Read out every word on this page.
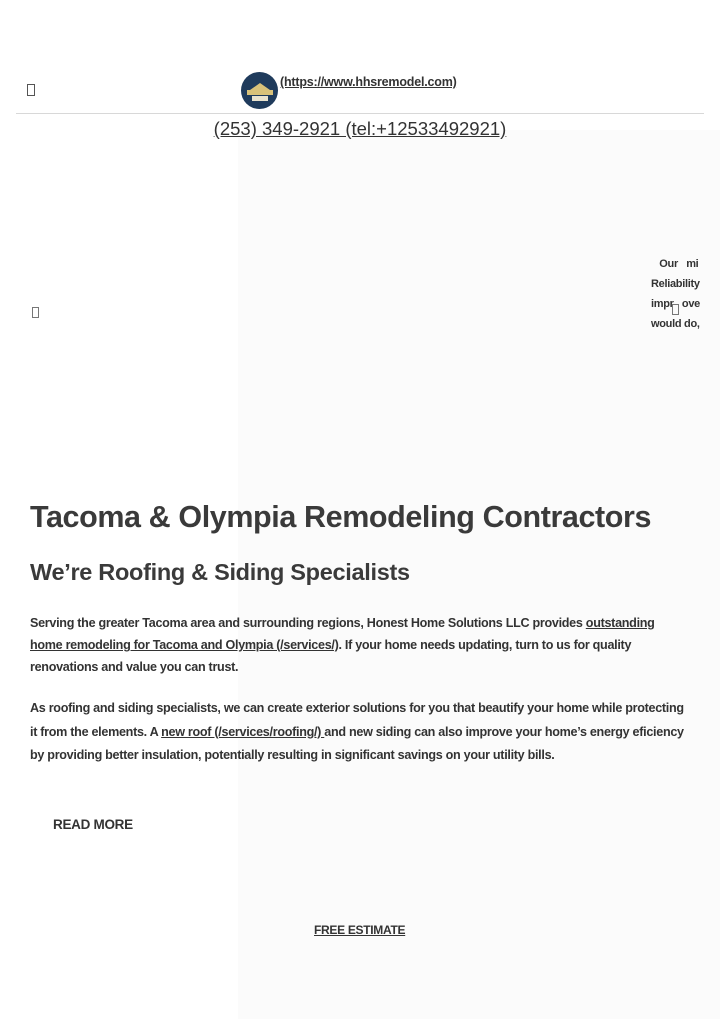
(https://www.hhsremodel.com)
(253) 349-2921 (tel:+12533492921)
Our   mi
Reliability
impr   ove
would do,
Tacoma & Olympia Remodeling Contractors
We’re Roofing & Siding Specialists

Serving the greater Tacoma area and surrounding regions, Honest Home Solutions LLC provides outstanding home remodeling for Tacoma and Olympia (/services/). If your home needs updating, turn to us for quality renovations and value you can trust.

As roofing and siding specialists, we can create exterior solutions for you that beautify your home while protecting it from the elements. A new roof (/services/roofing/) and new siding can also improve your home’s energy eficiency by providing better insulation, potentially resulting in significant savings on your utility bills.

READ MORE
FREE ESTIMATE
